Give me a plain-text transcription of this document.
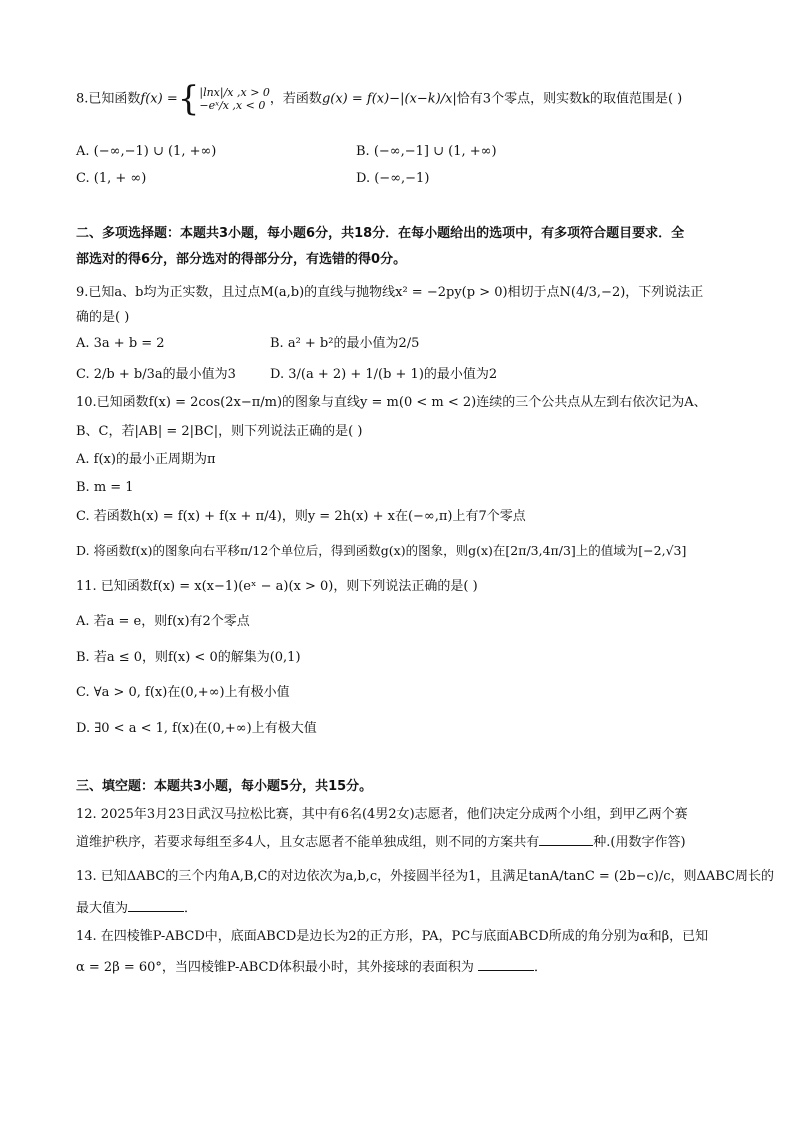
8.已知函数f(x) ={|lnx|/x ,x > 0
−eˣ/x ,x < 0 ，若函数g(x) = f(x)−|(x−k)/x|恰有3个零点，则实数k的取值范围是( )
A. (−∞,−1) ∪ (1, +∞)	B. (−∞,−1] ∪ (1, +∞)
C. (1, + ∞)	D. (−∞,−1)
二、多项选择题：本题共3小题，每小题6分，共18分．在每小题给出的选项中，有多项符合题目要求．全
部选对的得6分，部分选对的得部分分，有选错的得0分。
9.已知a、b均为正实数，且过点M(a,b)的直线与抛物线x² = −2py(p > 0)相切于点N(4/3,−2)，下列说法正
确的是( )
A. 3a + b = 2	B. a² + b²的最小值为2/5
C. 2/b + b/3a的最小值为3	D. 3/(a + 2) + 1/(b + 1)的最小值为2
10.已知函数f(x) = 2cos(2x−π/m)的图象与直线y = m(0 < m < 2)连续的三个公共点从左到右依次记为A、
B、C，若|AB| = 2|BC|，则下列说法正确的是( )
A. f(x)的最小正周期为π
B. m = 1
C. 若函数h(x) = f(x) + f(x + π/4)，则y = 2h(x) + x在(−∞,π)上有7个零点
D. 将函数f(x)的图象向右平移π/12个单位后，得到函数g(x)的图象，则g(x)在[2π/3,4π/3]上的值域为[−2,√3]
11. 已知函数f(x) = x(x−1)(eˣ − a)(x > 0)，则下列说法正确的是( )
A. 若a = e，则f(x)有2个零点
B. 若a ≤ 0，则f(x) < 0的解集为(0,1)
C. ∀a > 0, f(x)在(0,+∞)上有极小值
D. ∃0 < a < 1, f(x)在(0,+∞)上有极大值
三、填空题：本题共3小题，每小题5分，共15分。
12. 2025年3月23日武汉马拉松比赛，其中有6名(4男2女)志愿者，他们决定分成两个小组，到甲乙两个赛
道维护秩序，若要求每组至多4人，且女志愿者不能单独成组，则不同的方案共有	种.(用数字作答)
13. 已知ΔABC的三个内角A,B,C的对边依次为a,b,c，外接圆半径为1，且满足tanA/tanC = (2b−c)/c，则ΔABC周长的
最大值为	．
14. 在四棱锥P-ABCD中，底面ABCD是边长为2的正方形，PA，PC与底面ABCD所成的角分别为α和β，已知
α = 2β = 60°，当四棱锥P-ABCD体积最小时，其外接球的表面积为	．
